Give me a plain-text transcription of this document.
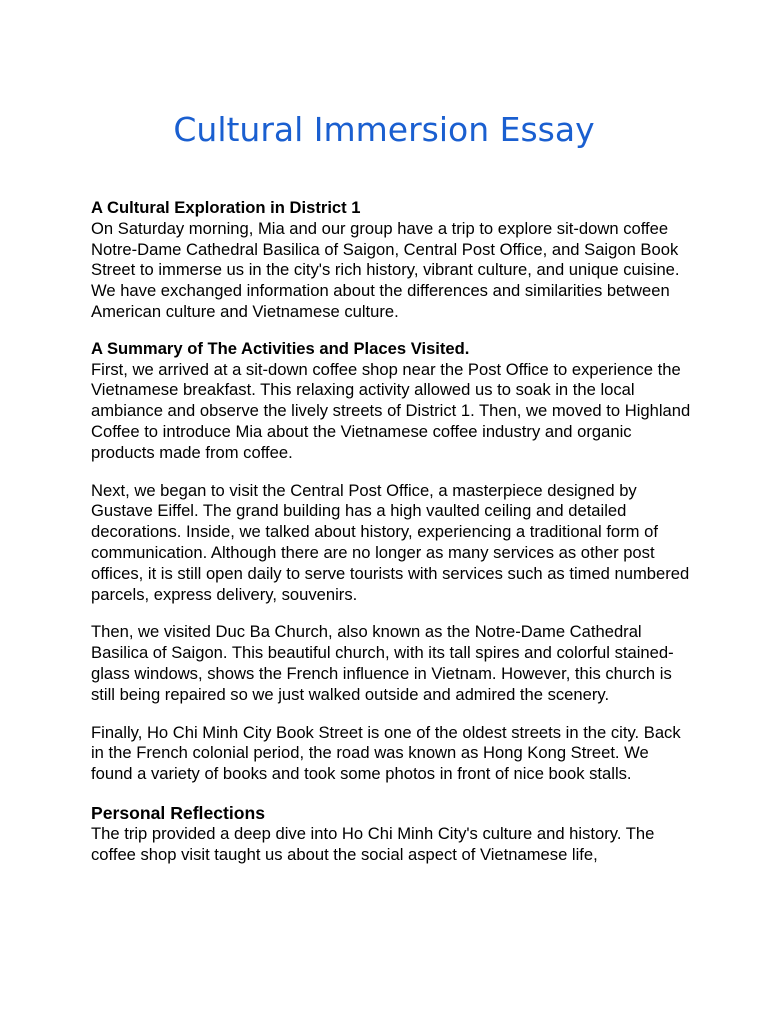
Cultural Immersion Essay

A Cultural Exploration in District 1

On Saturday morning, Mia and our group have a trip to explore sit-down coffee Notre-Dame Cathedral Basilica of Saigon, Central Post Office, and Saigon Book Street to immerse us in the city's rich history, vibrant culture, and unique cuisine. We have exchanged information about the differences and similarities between American culture and Vietnamese culture.

A Summary of The Activities and Places Visited.

First, we arrived at a sit-down coffee shop near the Post Office to experience the Vietnamese breakfast. This relaxing activity allowed us to soak in the local ambiance and observe the lively streets of District 1. Then, we moved to Highland Coffee to introduce Mia about the Vietnamese coffee industry and organic products made from coffee.

Next, we began to visit the Central Post Office, a masterpiece designed by Gustave Eiffel. The grand building has a high vaulted ceiling and detailed decorations. Inside, we talked about history, experiencing a traditional form of communication. Although there are no longer as many services as other post offices, it is still open daily to serve tourists with services such as timed numbered parcels, express delivery, souvenirs.

Then, we visited Duc Ba Church, also known as the Notre-Dame Cathedral Basilica of Saigon. This beautiful church, with its tall spires and colorful stained-glass windows, shows the French influence in Vietnam. However, this church is still being repaired so we just walked outside and admired the scenery.

Finally, Ho Chi Minh City Book Street is one of the oldest streets in the city. Back in the French colonial period, the road was known as Hong Kong Street. We found a variety of books and took some photos in front of nice book stalls.

Personal Reflections

The trip provided a deep dive into Ho Chi Minh City's culture and history. The coffee shop visit taught us about the social aspect of Vietnamese life,
